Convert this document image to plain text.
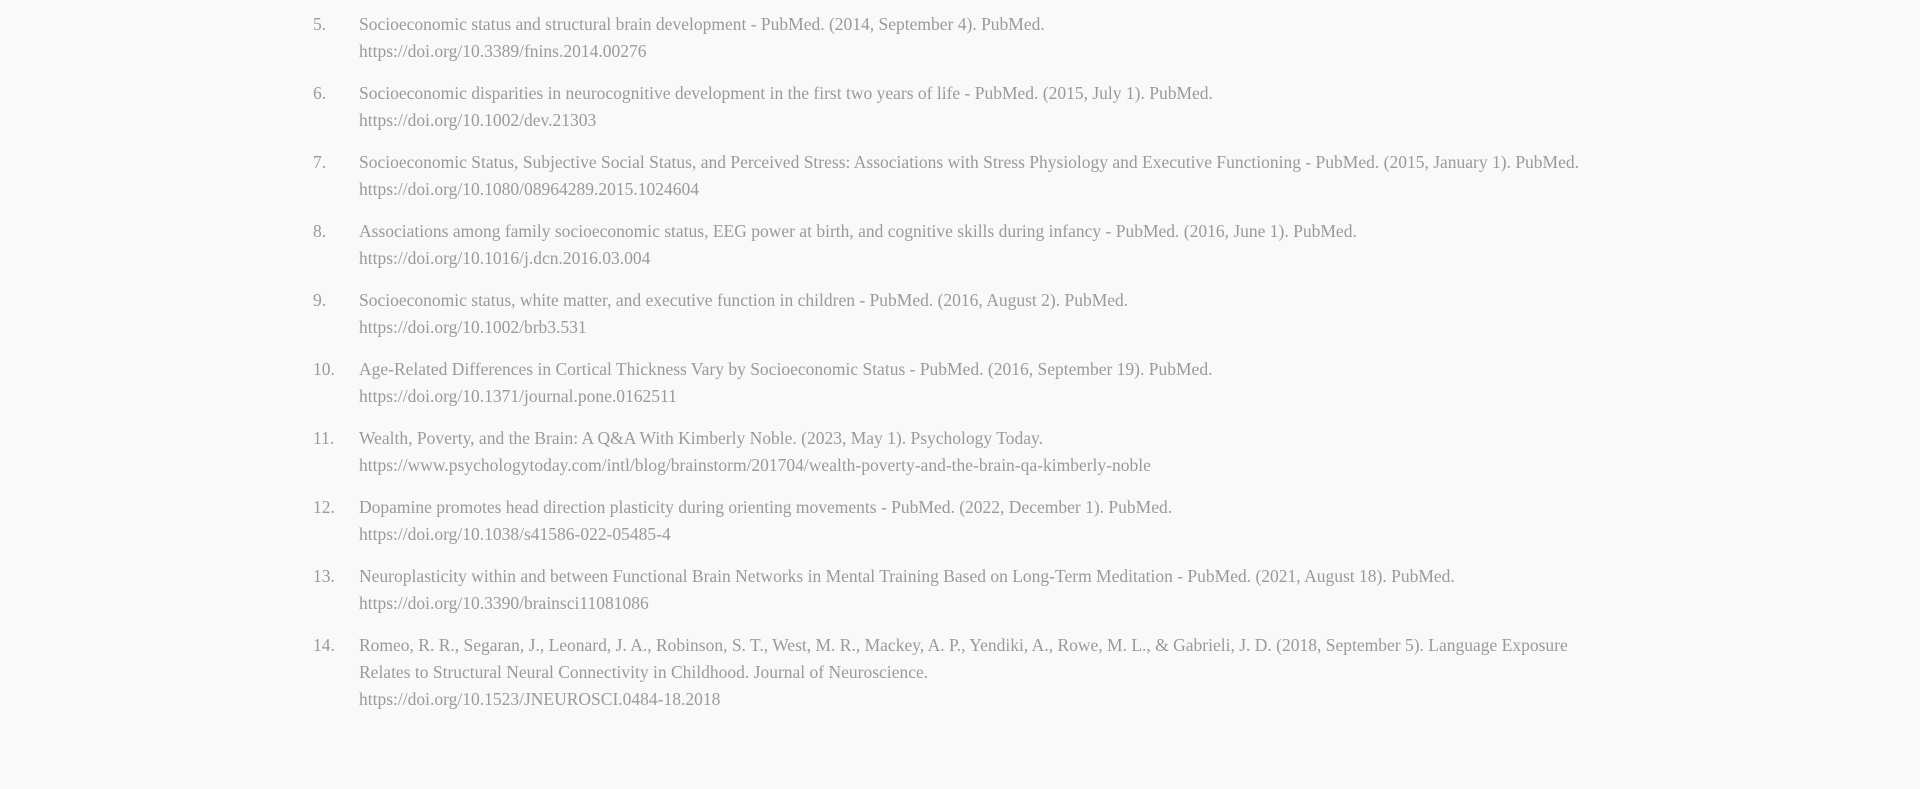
5.	Socioeconomic status and structural brain development - PubMed. (2014, September 4). PubMed.
https://doi.org/10.3389/fnins.2014.00276
6.	Socioeconomic disparities in neurocognitive development in the first two years of life - PubMed. (2015, July 1). PubMed.
https://doi.org/10.1002/dev.21303
7.	Socioeconomic Status, Subjective Social Status, and Perceived Stress: Associations with Stress Physiology and Executive Functioning - PubMed. (2015, January 1). PubMed.
https://doi.org/10.1080/08964289.2015.1024604
8.	Associations among family socioeconomic status, EEG power at birth, and cognitive skills during infancy - PubMed. (2016, June 1). PubMed.
https://doi.org/10.1016/j.dcn.2016.03.004
9.	Socioeconomic status, white matter, and executive function in children - PubMed. (2016, August 2). PubMed.
https://doi.org/10.1002/brb3.531
10.	Age-Related Differences in Cortical Thickness Vary by Socioeconomic Status - PubMed. (2016, September 19). PubMed.
https://doi.org/10.1371/journal.pone.0162511
11.	Wealth, Poverty, and the Brain: A Q&A With Kimberly Noble. (2023, May 1). Psychology Today.
https://www.psychologytoday.com/intl/blog/brainstorm/201704/wealth-poverty-and-the-brain-qa-kimberly-noble
12.	Dopamine promotes head direction plasticity during orienting movements - PubMed. (2022, December 1). PubMed.
https://doi.org/10.1038/s41586-022-05485-4
13.	Neuroplasticity within and between Functional Brain Networks in Mental Training Based on Long-Term Meditation - PubMed. (2021, August 18). PubMed.
https://doi.org/10.3390/brainsci11081086
14.	Romeo, R. R., Segaran, J., Leonard, J. A., Robinson, S. T., West, M. R., Mackey, A. P., Yendiki, A., Rowe, M. L., & Gabrieli, J. D. (2018, September 5). Language Exposure Relates to Structural Neural Connectivity in Childhood. Journal of Neuroscience.
https://doi.org/10.1523/JNEUROSCI.0484-18.2018
